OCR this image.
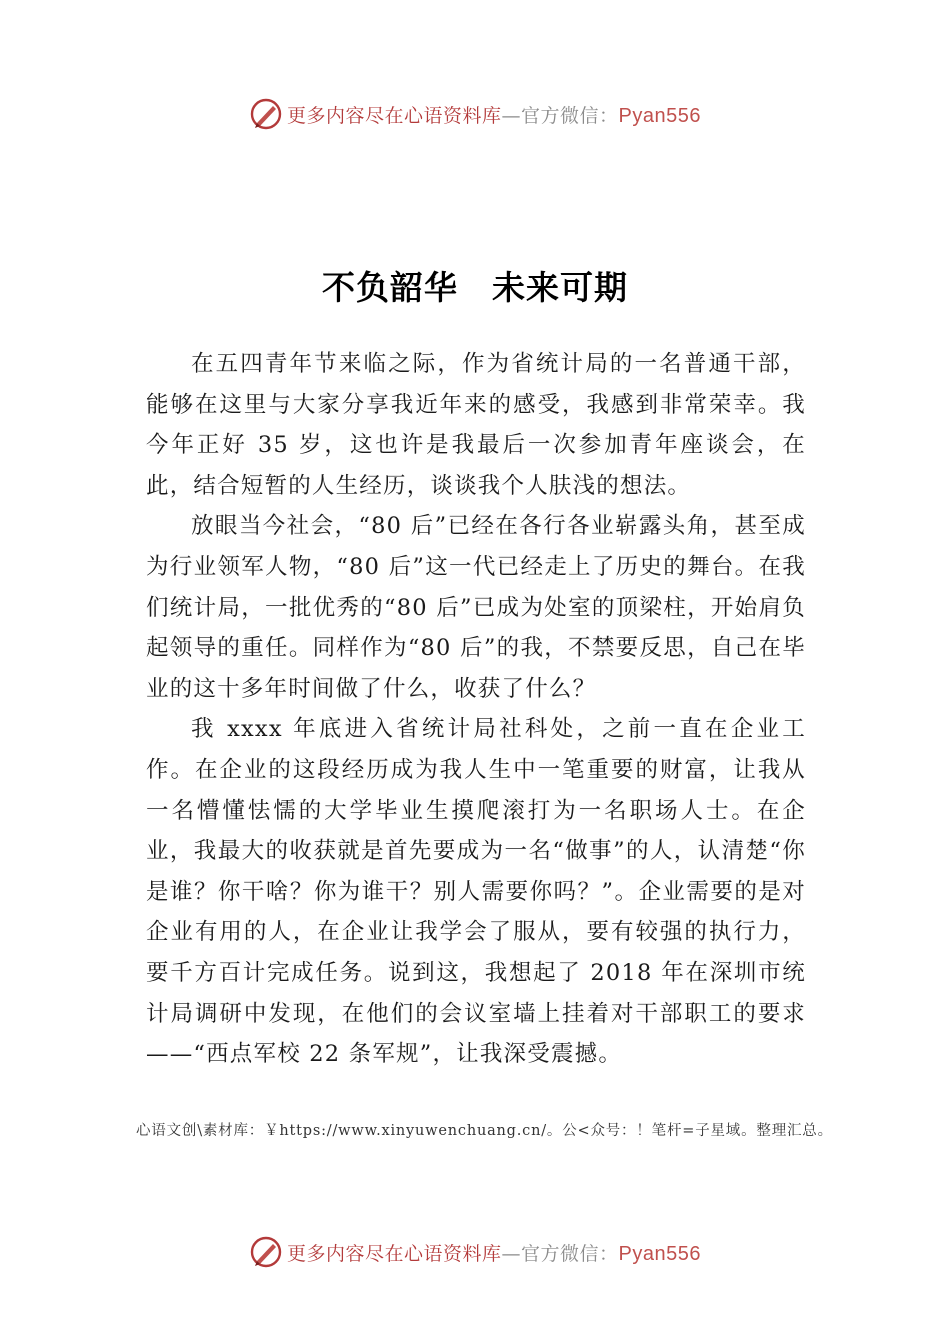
更多内容尽在心语资料库—官方微信：Pyan556
不负韶华　未来可期

在五四青年节来临之际，作为省统计局的一名普通干部，能够在这里与大家分享我近年来的感受，我感到非常荣幸。我今年正好 35 岁，这也许是我最后一次参加青年座谈会，在此，结合短暂的人生经历，谈谈我个人肤浅的想法。

放眼当今社会，“80 后”已经在各行各业崭露头角，甚至成为行业领军人物，“80 后”这一代已经走上了历史的舞台。在我们统计局，一批优秀的“80 后”已成为处室的顶梁柱，开始肩负起领导的重任。同样作为“80 后”的我，不禁要反思，自己在毕业的这十多年时间做了什么，收获了什么？

我 xxxx 年底进入省统计局社科处，之前一直在企业工作。在企业的这段经历成为我人生中一笔重要的财富，让我从一名懵懂怯懦的大学毕业生摸爬滚打为一名职场人士。在企业，我最大的收获就是首先要成为一名“做事”的人，认清楚“你是谁？你干啥？你为谁干？别人需要你吗？”。企业需要的是对企业有用的人，在企业让我学会了服从，要有较强的执行力，要千方百计完成任务。说到这，我想起了 2018 年在深圳市统计局调研中发现，在他们的会议室墙上挂着对干部职工的要求——“西点军校 22 条军规”，让我深受震撼。

心语文创\素材库：￥https://www.xinyuwenchuang.cn/。公<众号：！笔杆=子星域。整理汇总。
更多内容尽在心语资料库—官方微信：Pyan556
